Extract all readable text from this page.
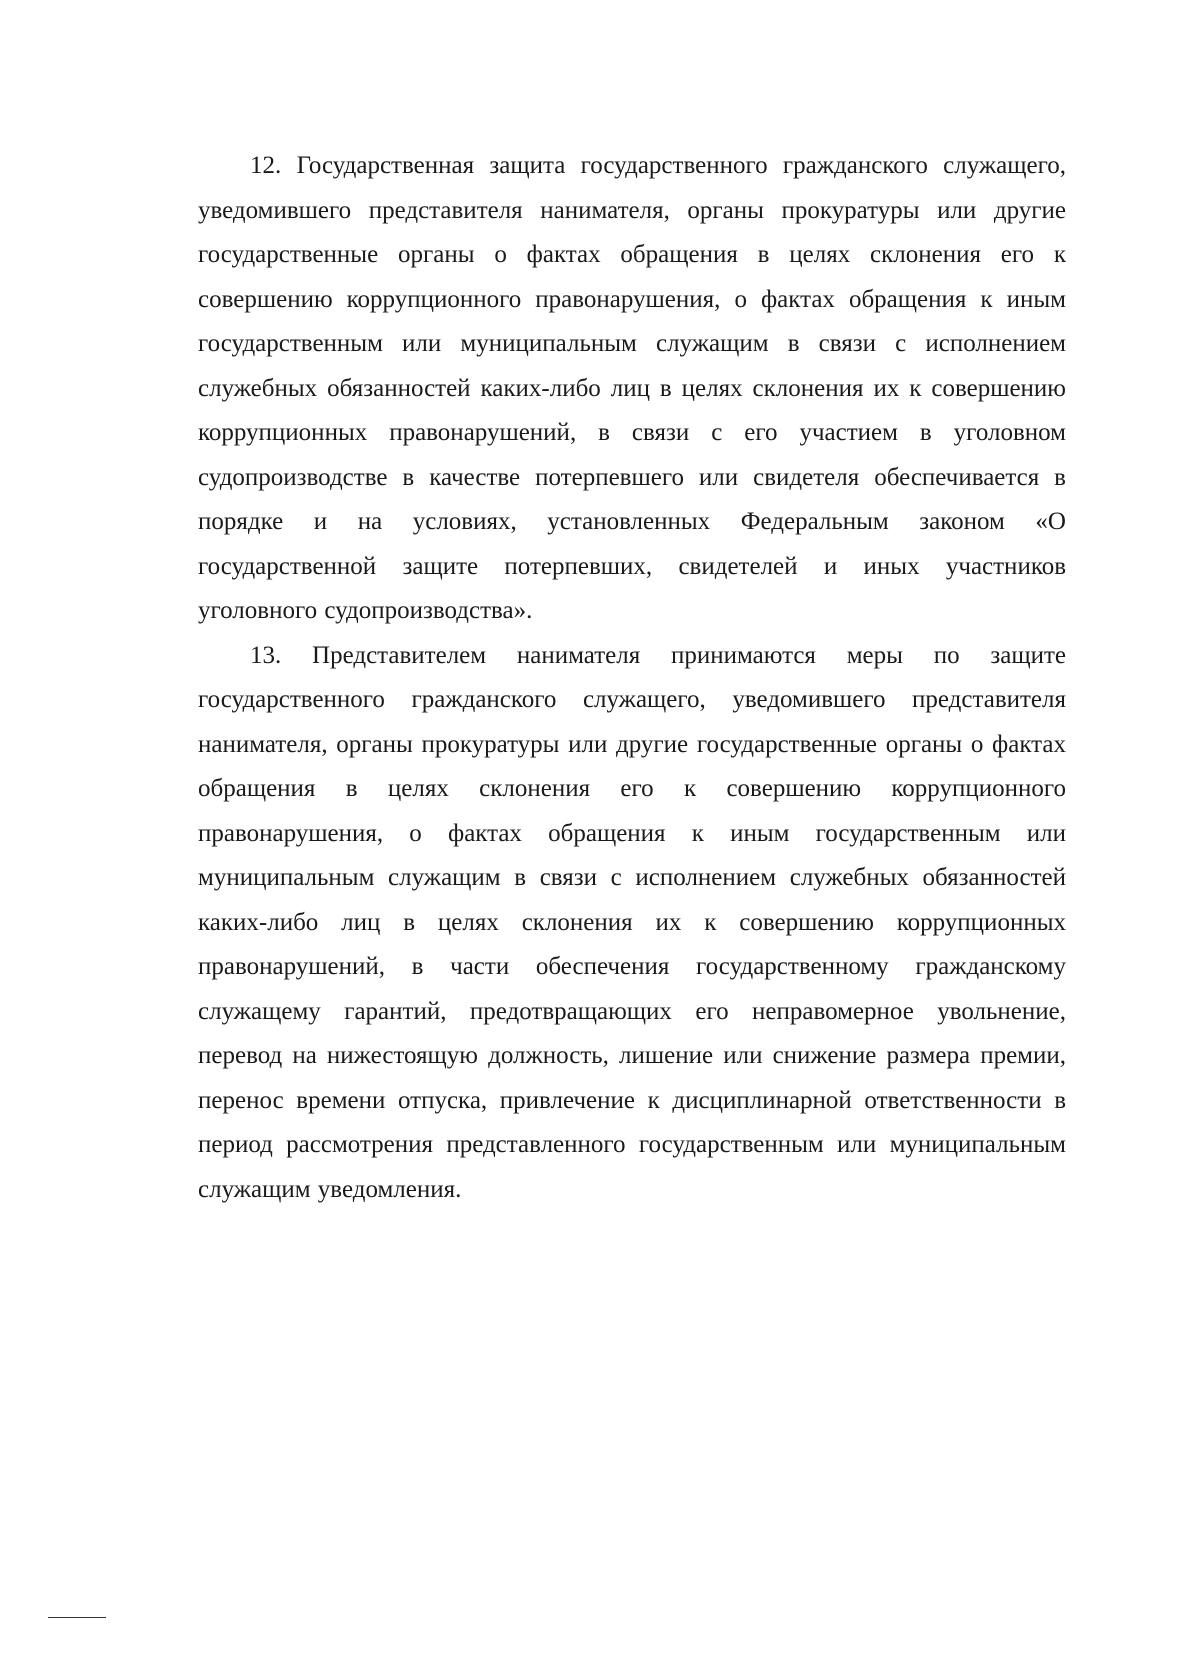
12. Государственная защита государственного гражданского служащего, уведомившего представителя нанимателя, органы прокуратуры или другие государственные органы о фактах обращения в целях склонения его к совершению коррупционного правонарушения, о фактах обращения к иным государственным или муниципальным служащим в связи с исполнением служебных обязанностей каких-либо лиц в целях склонения их к совершению коррупционных правонарушений, в связи с его участием в уголовном судопроизводстве в качестве потерпевшего или свидетеля обеспечивается в порядке и на условиях, установленных Федеральным законом «О государственной защите потерпевших, свидетелей и иных участников уголовного судопроизводства».

13. Представителем нанимателя принимаются меры по защите государственного гражданского служащего, уведомившего представителя нанимателя, органы прокуратуры или другие государственные органы о фактах обращения в целях склонения его к совершению коррупционного правонарушения, о фактах обращения к иным государственным или муниципальным служащим в связи с исполнением служебных обязанностей каких-либо лиц в целях склонения их к совершению коррупционных правонарушений, в части обеспечения государственному гражданскому служащему гарантий, предотвращающих его неправомерное увольнение, перевод на нижестоящую должность, лишение или снижение размера премии, перенос времени отпуска, привлечение к дисциплинарной ответственности в период рассмотрения представленного государственным или муниципальным служащим уведомления.
